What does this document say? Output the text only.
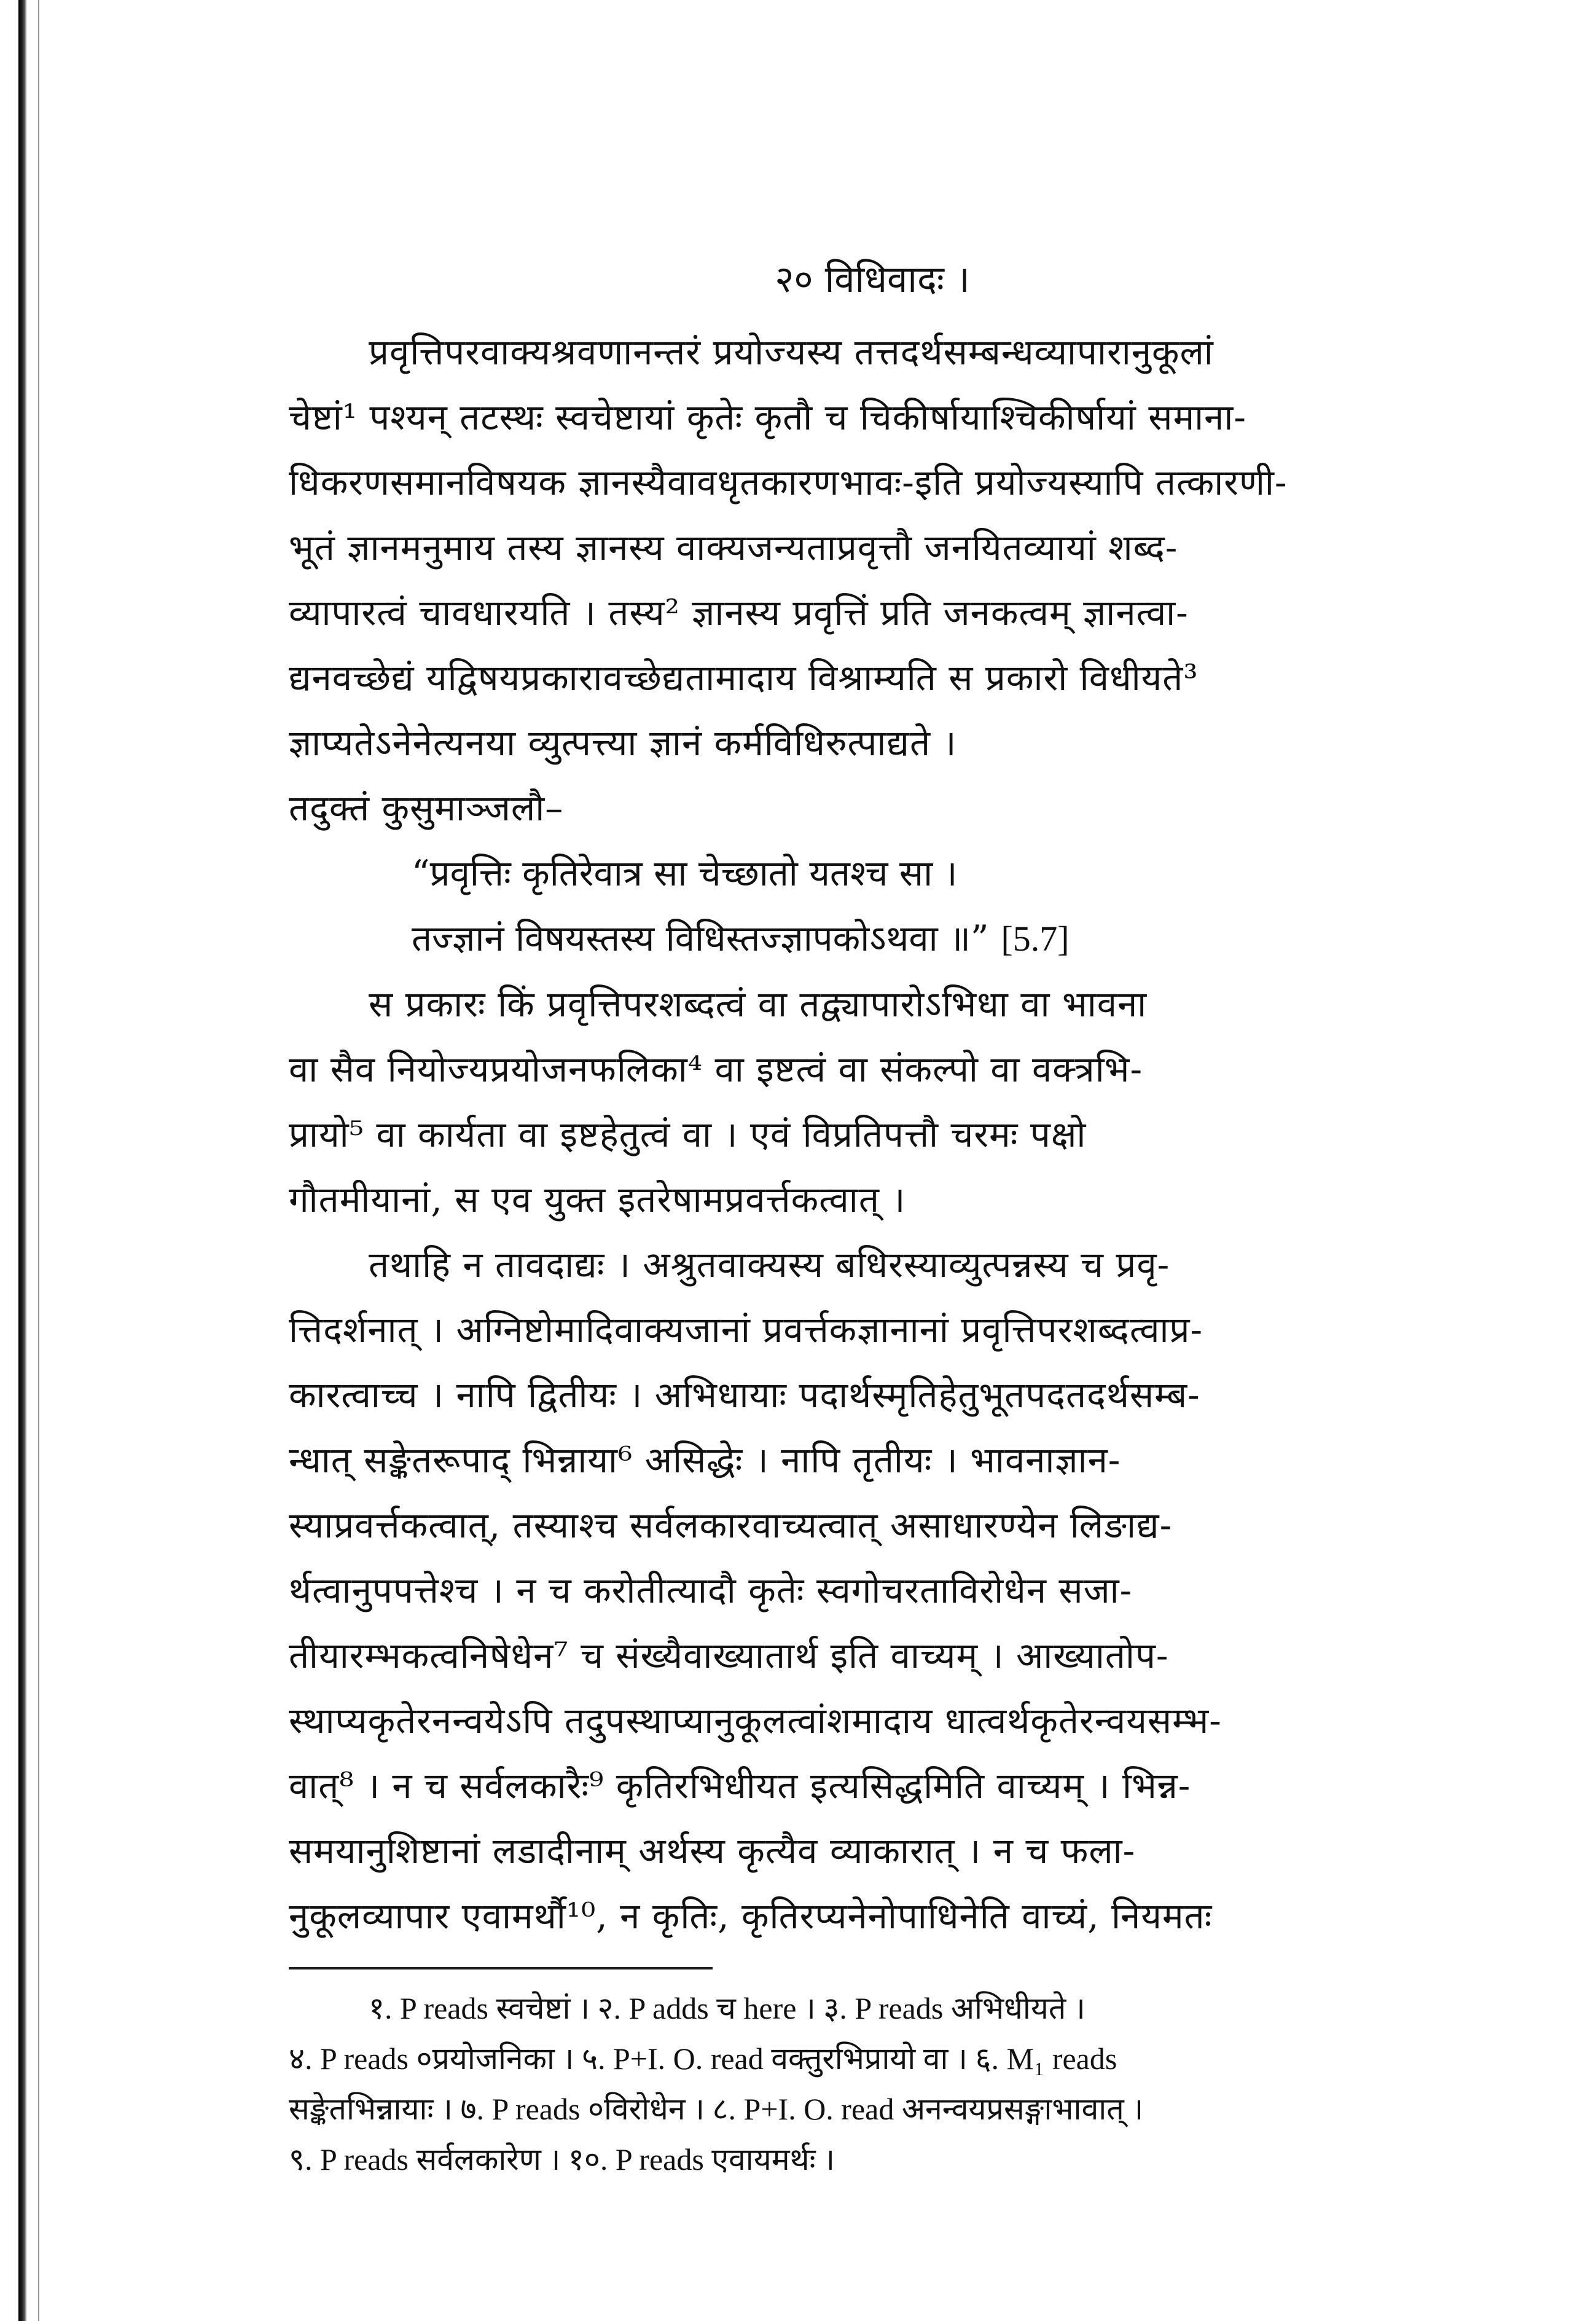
२० विधिवादः ।
प्रवृत्तिपरवाक्यश्रवणानन्तरं प्रयोज्यस्य तत्तदर्थसम्बन्धव्यापारानुकूलां
चेष्टां¹ पश्यन् तटस्थः स्वचेष्टायां कृतेः कृतौ च चिकीर्षायाश्चिकीर्षायां समाना-
धिकरणसमानविषयक ज्ञानस्यैवावधृतकारणभावः-इति प्रयोज्यस्यापि तत्कारणी-
भूतं ज्ञानमनुमाय तस्य ज्ञानस्य वाक्यजन्यताप्रवृत्तौ जनयितव्यायां शब्द-
व्यापारत्वं चावधारयति । तस्य² ज्ञानस्य प्रवृत्तिं प्रति जनकत्वम् ज्ञानत्वा-
द्यनवच्छेद्यं यद्विषयप्रकारावच्छेद्यतामादाय विश्राम्यति स प्रकारो विधीयते³
ज्ञाप्यतेऽनेनेत्यनया व्युत्पत्त्या ज्ञानं कर्मविधिरुत्पाद्यते ।
तदुक्तं कुसुमाञ्जलौ–
“प्रवृत्तिः कृतिरेवात्र सा चेच्छातो यतश्च सा ।
तज्ज्ञानं विषयस्तस्य विधिस्तज्ज्ञापकोऽथवा ॥” [5.7]
स प्रकारः किं प्रवृत्तिपरशब्दत्वं वा तद्व्यापारोऽभिधा वा भावना
वा सैव नियोज्यप्रयोजनफलिका⁴ वा इष्टत्वं वा संकल्पो वा वक्त्रभि-
प्रायो⁵ वा कार्यता वा इष्टहेतुत्वं वा । एवं विप्रतिपत्तौ चरमः पक्षो
गौतमीयानां, स एव युक्त इतरेषामप्रवर्त्तकत्वात् ।
तथाहि न तावदाद्यः । अश्रुतवाक्यस्य बधिरस्याव्युत्पन्नस्य च प्रवृ-
त्तिदर्शनात् । अग्निष्टोमादिवाक्यजानां प्रवर्त्तकज्ञानानां प्रवृत्तिपरशब्दत्वाप्र-
कारत्वाच्च । नापि द्वितीयः । अभिधायाः पदार्थस्मृतिहेतुभूतपदतदर्थसम्ब-
न्धात् सङ्केतरूपाद् भिन्नाया⁶ असिद्धेः । नापि तृतीयः । भावनाज्ञान-
स्याप्रवर्त्तकत्वात्, तस्याश्च सर्वलकारवाच्यत्वात् असाधारण्येन लिङाद्य-
र्थत्वानुपपत्तेश्च । न च करोतीत्यादौ कृतेः स्वगोचरताविरोधेन सजा-
तीयारम्भकत्वनिषेधेन⁷ च संख्यैवाख्यातार्थ इति वाच्यम् । आख्यातोप-
स्थाप्यकृतेरनन्वयेऽपि तदुपस्थाप्यानुकूलत्वांशमादाय धात्वर्थकृतेरन्वयसम्भ-
वात्⁸ । न च सर्वलकारैः⁹ कृतिरभिधीयत इत्यसिद्धमिति वाच्यम् । भिन्न-
समयानुशिष्टानां लडादीनाम् अर्थस्य कृत्यैव व्याकारात् । न च फला-
नुकूलव्यापार एवामर्थौ¹⁰, न कृतिः, कृतिरप्यनेनोपाधिनेति वाच्यं, नियमतः
१. P reads स्वचेष्टां । २. P adds च here । ३. P reads अभिधीयते ।
४. P reads ०प्रयोजनिका । ५. P+I. O. read वक्तुरभिप्रायो वा । ६. M₁ reads
सङ्केतभिन्नायाः । ७. P reads ०विरोधेन । ८. P+I. O. read अनन्वयप्रसङ्गाभावात् ।
९. P reads सर्वलकारेण । १०. P reads एवायमर्थः ।
